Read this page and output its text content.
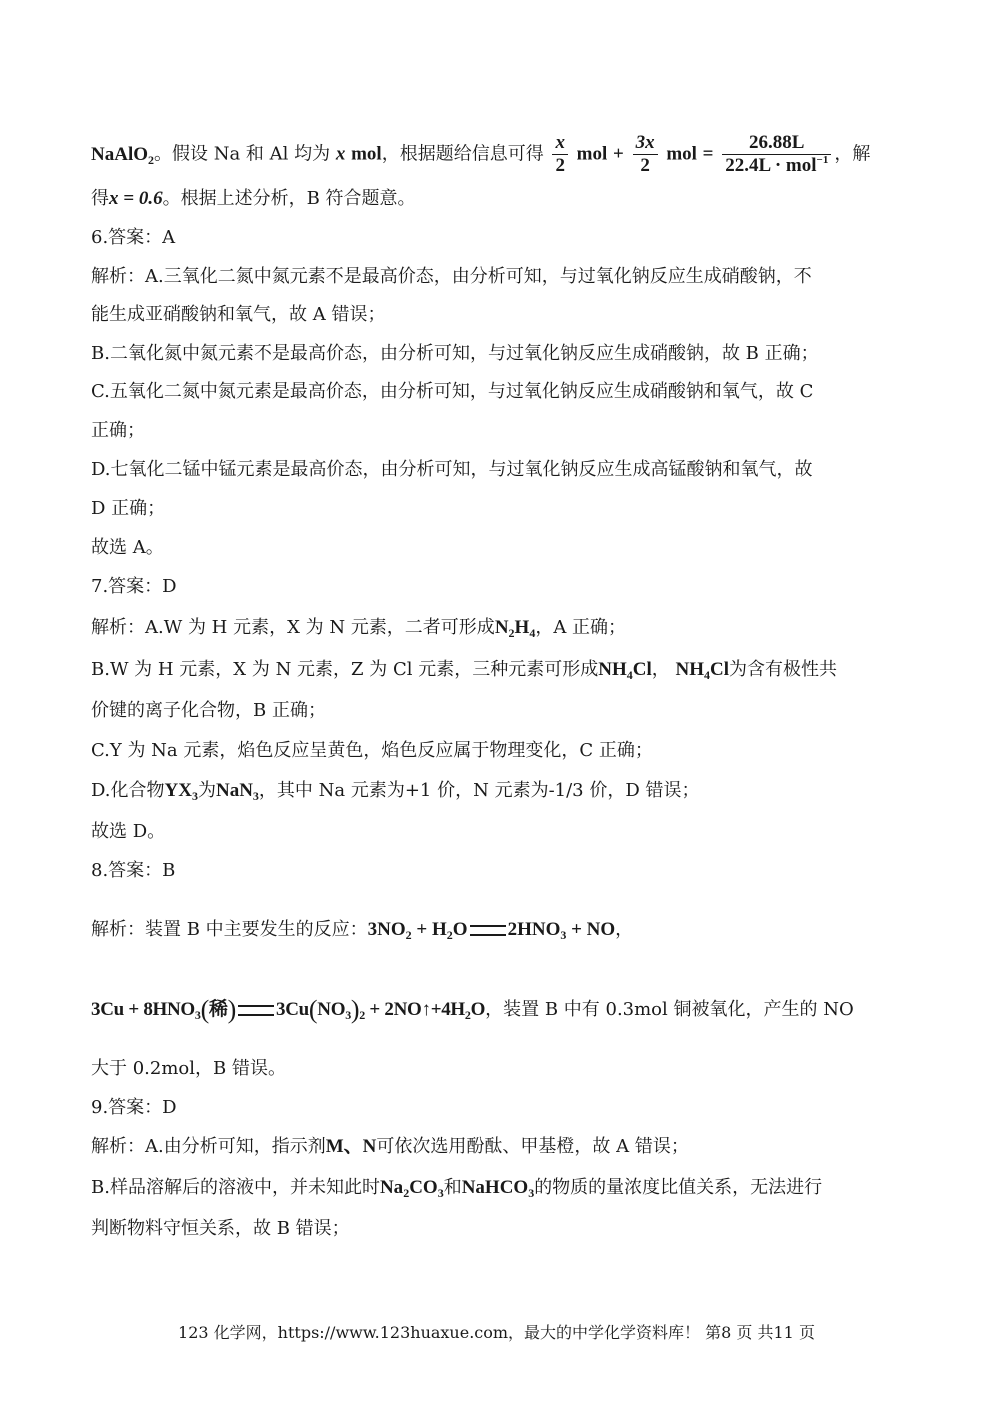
NaAlO$_2$。假设 Na 和 Al 均为 x mol，根据题给信息可得 $\frac{x}{2}$ mol + $\frac{3x}{2}$ mol = $\frac{26.88L}{22.4L \cdot mol^{-1}}$ ，解
得x = 0.6。根据上述分析，B 符合题意。
6.答案：A
解析：A.三氧化二氮中氮元素不是最高价态，由分析可知，与过氧化钠反应生成硝酸钠，不
能生成亚硝酸钠和氧气，故 A 错误；
B.二氧化氮中氮元素不是最高价态，由分析可知，与过氧化钠反应生成硝酸钠，故 B 正确；
C.五氧化二氮中氮元素是最高价态，由分析可知，与过氧化钠反应生成硝酸钠和氧气，故 C
正确；
D.七氧化二锰中锰元素是最高价态，由分析可知，与过氧化钠反应生成高锰酸钠和氧气，故
D 正确；
故选 A。
7.答案：D
解析：A.W 为 H 元素，X 为 N 元素，二者可形成$N_2H_4$，A 正确；
B.W 为 H 元素，X 为 N 元素，Z 为 Cl 元素，三种元素可形成$NH_4Cl$， $NH_4Cl$为含有极性共
价键的离子化合物，B 正确；
C.Y 为 Na 元素，焰色反应呈黄色，焰色反应属于物理变化，C 正确；
D.化合物$YX_3$为NaN$_3$，其中 Na 元素为+1 价，N 元素为-1/3 价，D 错误；
故选 D。
8.答案：B
解析：装置 B 中主要发生的反应：$3NO_2 + H_2O$ $2HNO_3$ + NO，
$3Cu + 8HNO_3$(稀) $3Cu(NO_3)_2$ + $2NO↑+4H_2O$，装置 B 中有 0.3mol 铜被氧化，产生的 NO
大于 0.2mol，B 错误。
9.答案：D
解析：A.由分析可知，指示剂M、N可依次选用酚酞、甲基橙，故 A 错误；
B.样品溶解后的溶液中，并未知此时$Na_2CO_3$和NaHCO$_3$的物质的量浓度比值关系，无法进行
判断物料守恒关系，故 B 错误；
123 化学网，https://www.123huaxue.com，最大的中学化学资料库！ 第8 页 共11 页
